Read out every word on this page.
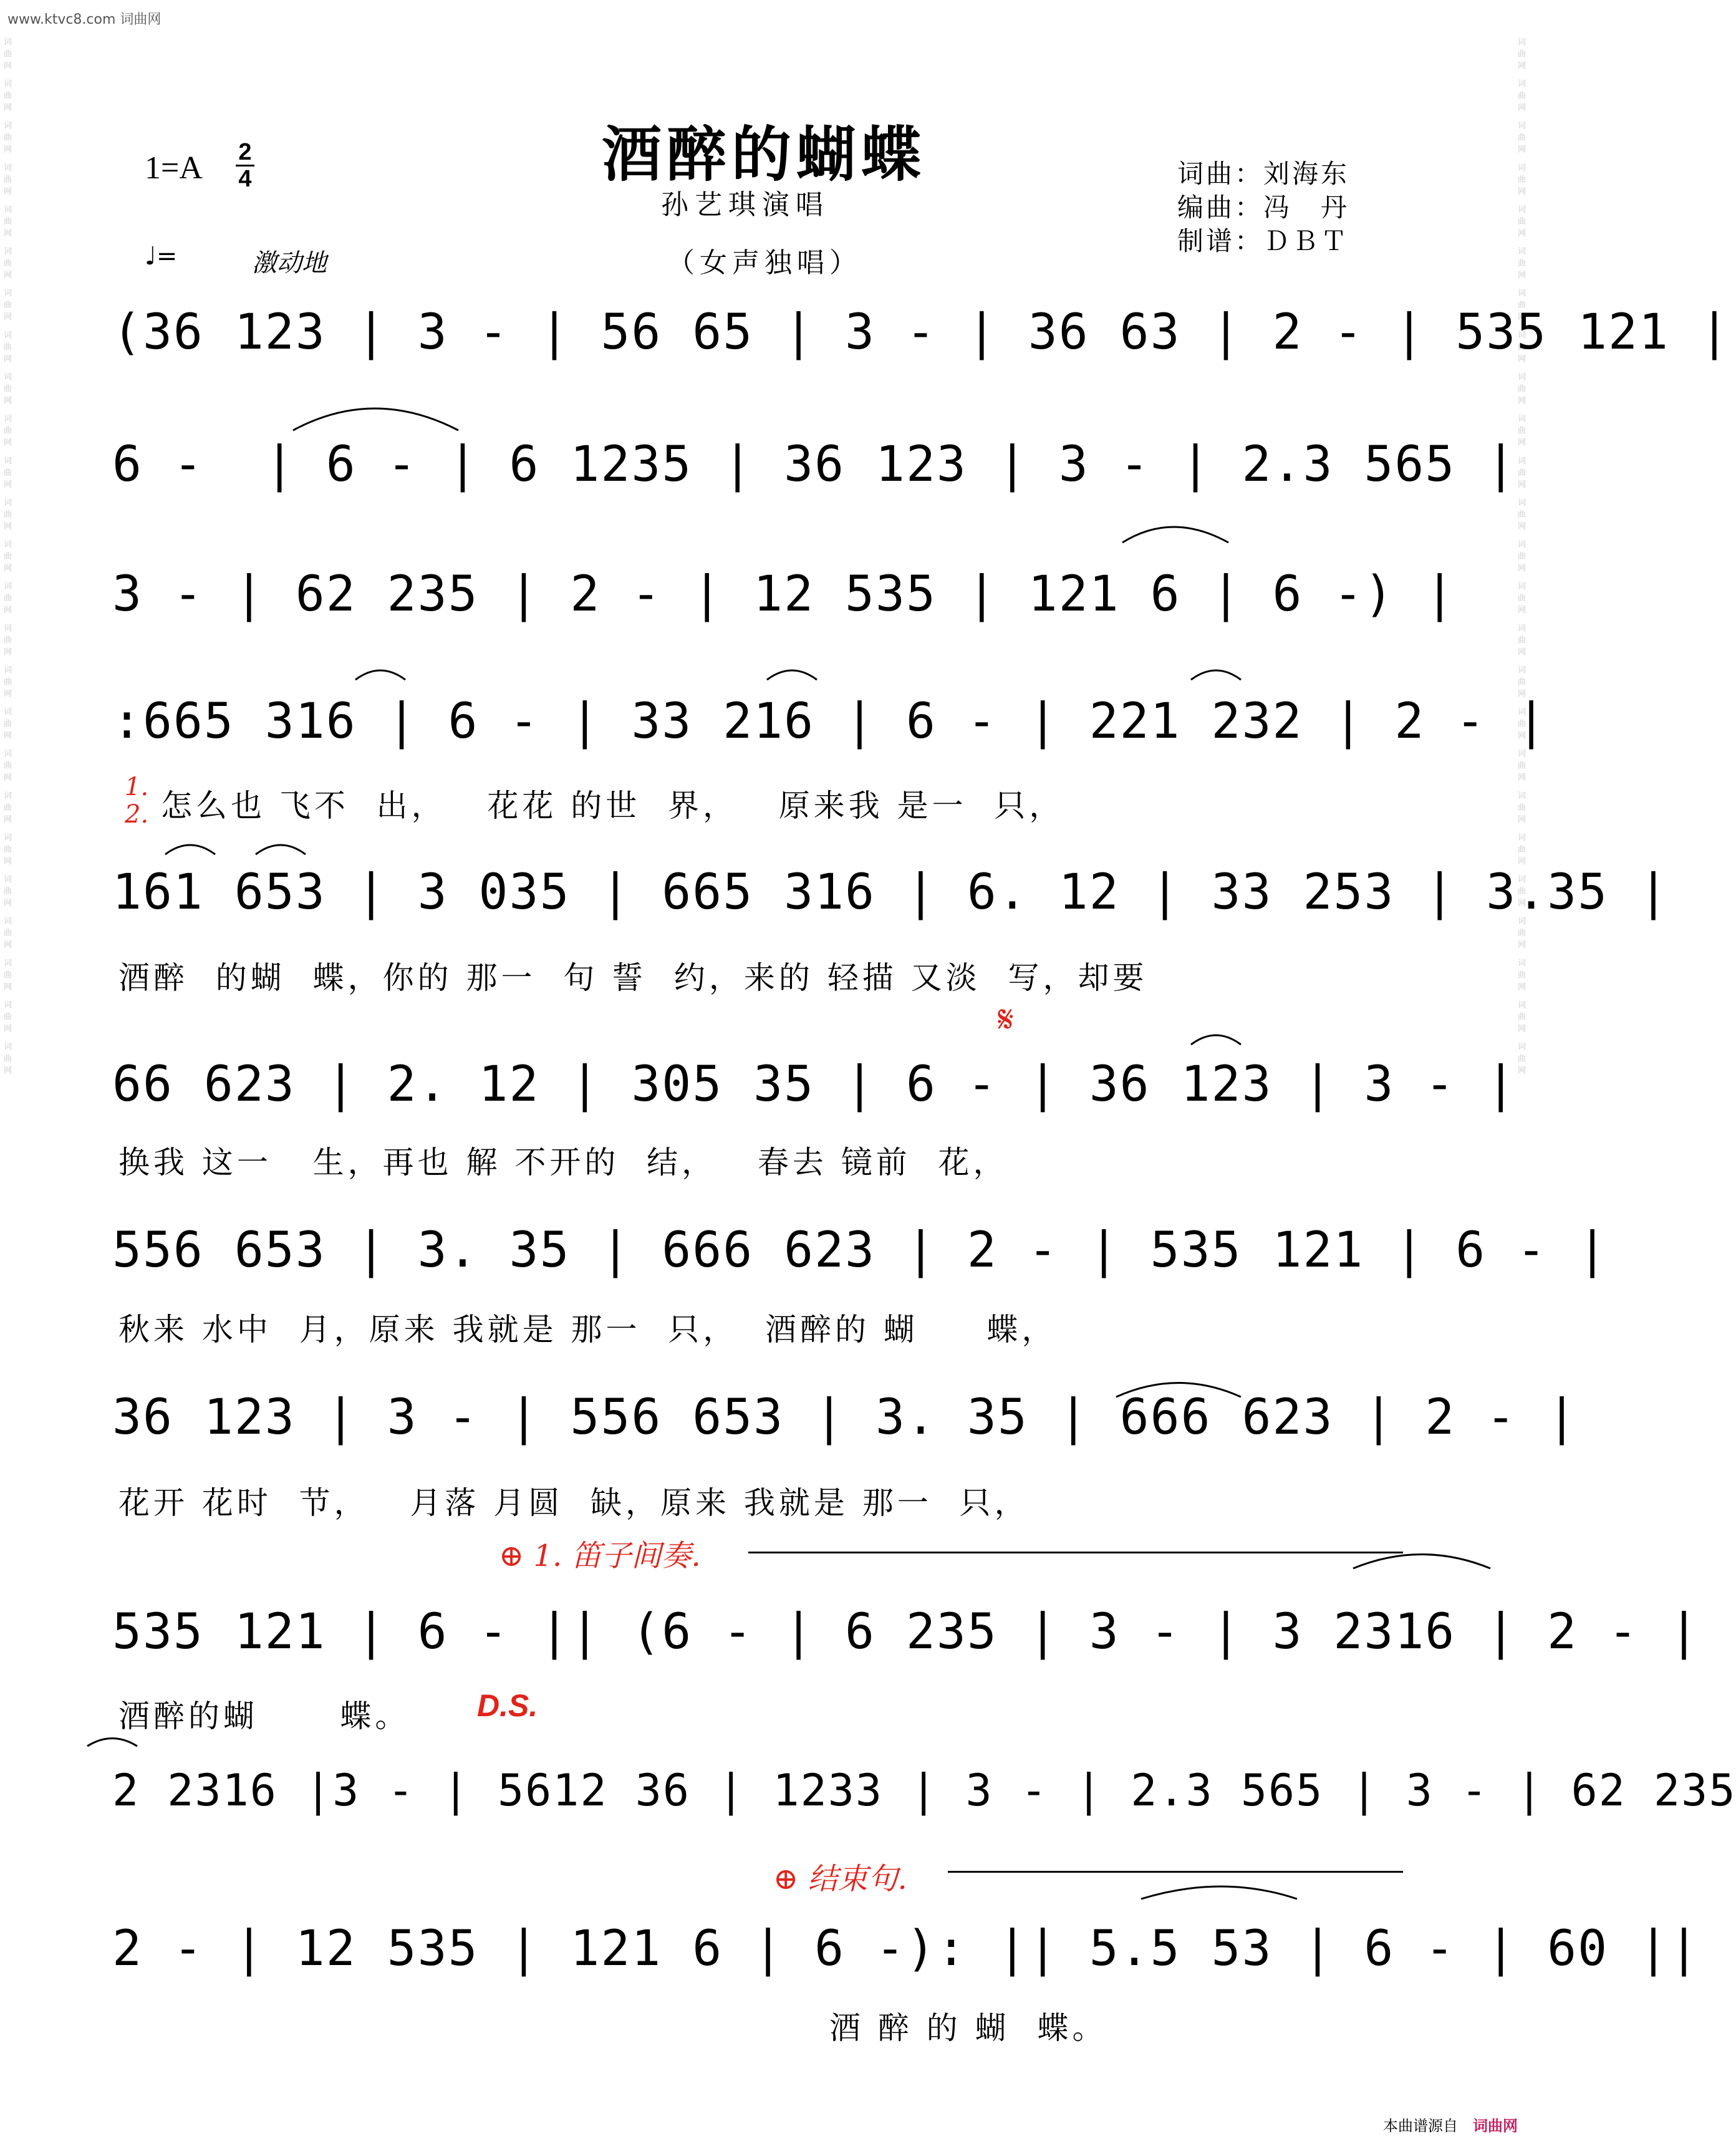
www.ktvc8.com 词曲网
词曲网 词曲网 词曲网 词曲网 词曲网 词曲网 词曲网 词曲网 词曲网 词曲网 词曲网 词曲网 词曲网 词曲网 词曲网 词曲网 词曲网 词曲网 词曲网 词曲网 词曲网 词曲网 词曲网 词曲网 词曲网	词曲网 词曲网 词曲网 词曲网 词曲网 词曲网 词曲网 词曲网 词曲网 词曲网 词曲网 词曲网 词曲网 词曲网 词曲网 词曲网 词曲网 词曲网 词曲网 词曲网 词曲网 词曲网 词曲网 词曲网 词曲网
酒醉的蝴蝶
孙艺琪演唱
（女声独唱）
1=A 2
4
♩=	激动地
词曲：刘海东
编曲：冯　丹
制谱：ＤＢＴ
(36 123 | 3 - | 56 65 | 3 - | 36 63 | 2 - | 535 121 |
6 -  | 6 - | 6 1235 | 36 123 | 3 - | 2.3 565 |
3 - | 62 235 | 2 - | 12 535 | 121 6 | 6 -) |
:665 316 | 6 - | 33 216 | 6 - | 221 232 | 2 - |
1.
2. 怎么也 飞不  出，   花花 的世  界，   原来我 是一  只，
161 653 | 3 035 | 665 316 | 6. 12 | 33 253 | 3.35 |
酒醉  的蝴  蝶，你的 那一  句 誓  约，来的 轻描 又淡  写，却要
𝄋
66 623 | 2. 12 | 305 35 | 6 - | 36 123 | 3 - |
换我 这一   生，再也 解 不开的  结，   春去 镜前  花，
556 653 | 3. 35 | 666 623 | 2 - | 535 121 | 6 - |
秋来 水中  月，原来 我就是 那一  只，  酒醉的 蝴     蝶，
36 123 | 3 - | 556 653 | 3. 35 | 666 623 | 2 - |
花开 花时  节，   月落 月圆  缺，原来 我就是 那一  只，
⊕ 1. 笛子间奏.
535 121 | 6 - || (6 - | 6 235 | 3 - | 3 2316 | 2 - |
酒醉的蝴      蝶。 D.S.
2 2316 |3 - | 5612 36 | 1233 | 3 - | 2.3 565 | 3 - | 62 235
⊕ 结束句.
2 - | 12 535 | 121 6 | 6 -): || 5.5 53 | 6 - | 60 ||
酒 醉 的 蝴  蝶。
本曲谱源自 词曲网
